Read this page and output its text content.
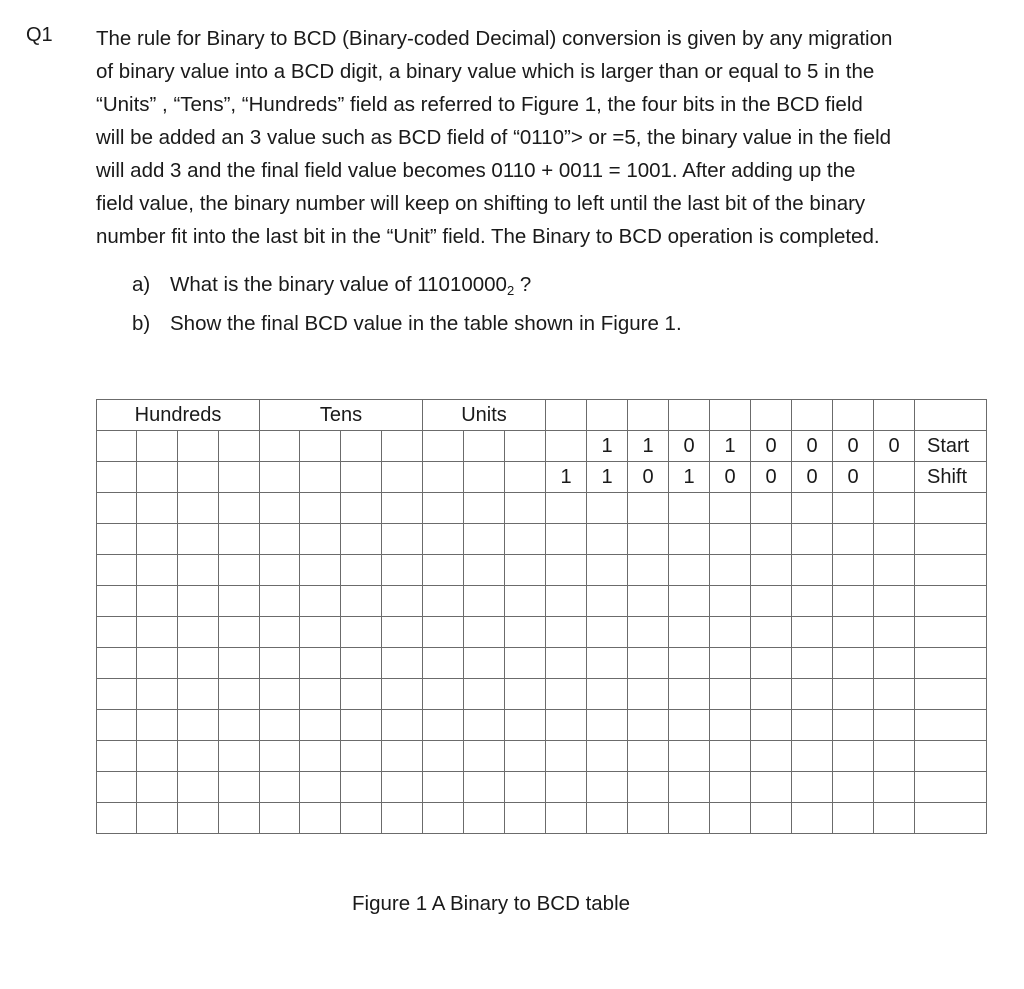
Q1 The rule for Binary to BCD (Binary-coded Decimal) conversion is given by any migration
of binary value into a BCD digit, a binary value which is larger than or equal to 5 in the
“Units” , “Tens”, “Hundreds” field as referred to Figure 1, the four bits in the BCD field
will be added an 3 value such as BCD field of “0110”> or =5, the binary value in the field
will add 3 and the final field value becomes 0110 + 0011 = 1001. After adding up the
field value, the binary number will keep on shifting to left until the last bit of the binary
number fit into the last bit in the “Unit” field. The Binary to BCD operation is completed.
a) What is the binary value of $11010000_2$ ?
b) Show the final BCD value in the table shown in Figure 1.
Hundreds				Tens				Units												
												1	1	0	1	0	0	0	0	Start
											1	1	0	1	0	0	0	0		Shift

Figure 1 A Binary to BCD table
